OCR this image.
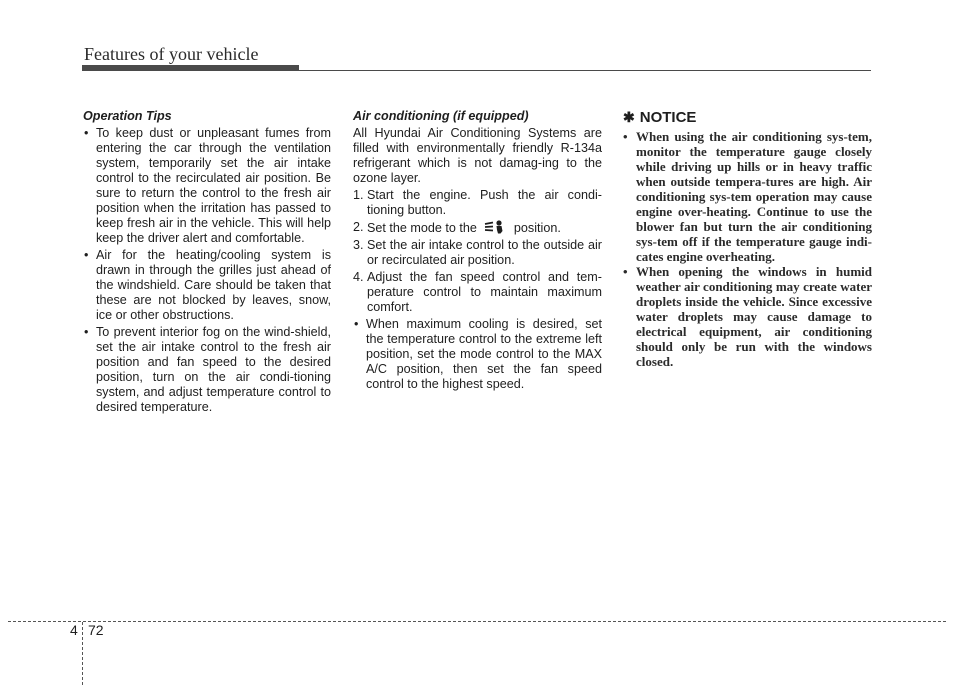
Features of your vehicle
Operation Tips
• To keep dust or unpleasant fumes from entering the car through the ventilation system, temporarily set the air intake control to the recirculated air position. Be sure to return the control to the fresh air position when the irritation has passed to keep fresh air in the vehicle. This will help keep the driver alert and comfortable.
• Air for the heating/cooling system is drawn in through the grilles just ahead of the windshield. Care should be taken that these are not blocked by leaves, snow, ice or other obstructions.
• To prevent interior fog on the wind-shield, set the air intake control to the fresh air position and fan speed to the desired position, turn on the air condi-tioning system, and adjust temperature control to desired temperature.
Air conditioning (if equipped)
All Hyundai Air Conditioning Systems are filled with environmentally friendly R-134a refrigerant which is not damag-ing to the ozone layer.
1. Start the engine. Push the air condi-tioning button.
2. Set the mode to the	position.
3. Set the air intake control to the outside air or recirculated air position.
4. Adjust the fan speed control and tem-perature control to maintain maximum comfort.
• When maximum cooling is desired, set the temperature control to the extreme left position, set the mode control to the MAX A/C position, then set the fan speed control to the highest speed.
✱ NOTICE
• When using the air conditioning sys-tem, monitor the temperature gauge closely while driving up hills or in heavy traffic when outside tempera-tures are high. Air conditioning sys-tem operation may cause engine over-heating. Continue to use the blower fan but turn the air conditioning sys-tem off if the temperature gauge indi-cates engine overheating.
• When opening the windows in humid weather air conditioning may create water droplets inside the vehicle. Since excessive water droplets may cause damage to electrical equipment, air conditioning should only be run with the windows closed.
4 72
